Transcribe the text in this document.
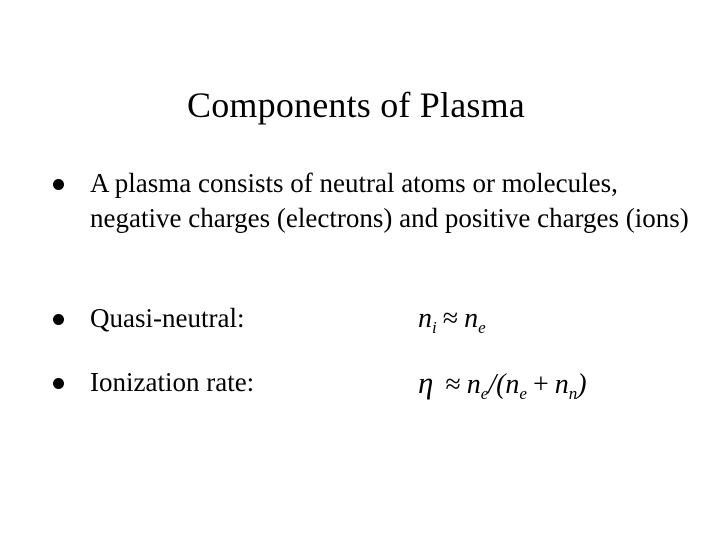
Components of Plasma
A plasma consists of neutral atoms or molecules, negative charges (electrons) and positive charges (ions)
Quasi-neutral:	$n_i \approx n_e$
Ionization rate:	$\eta \approx n_e/(n_e + n_n)$
